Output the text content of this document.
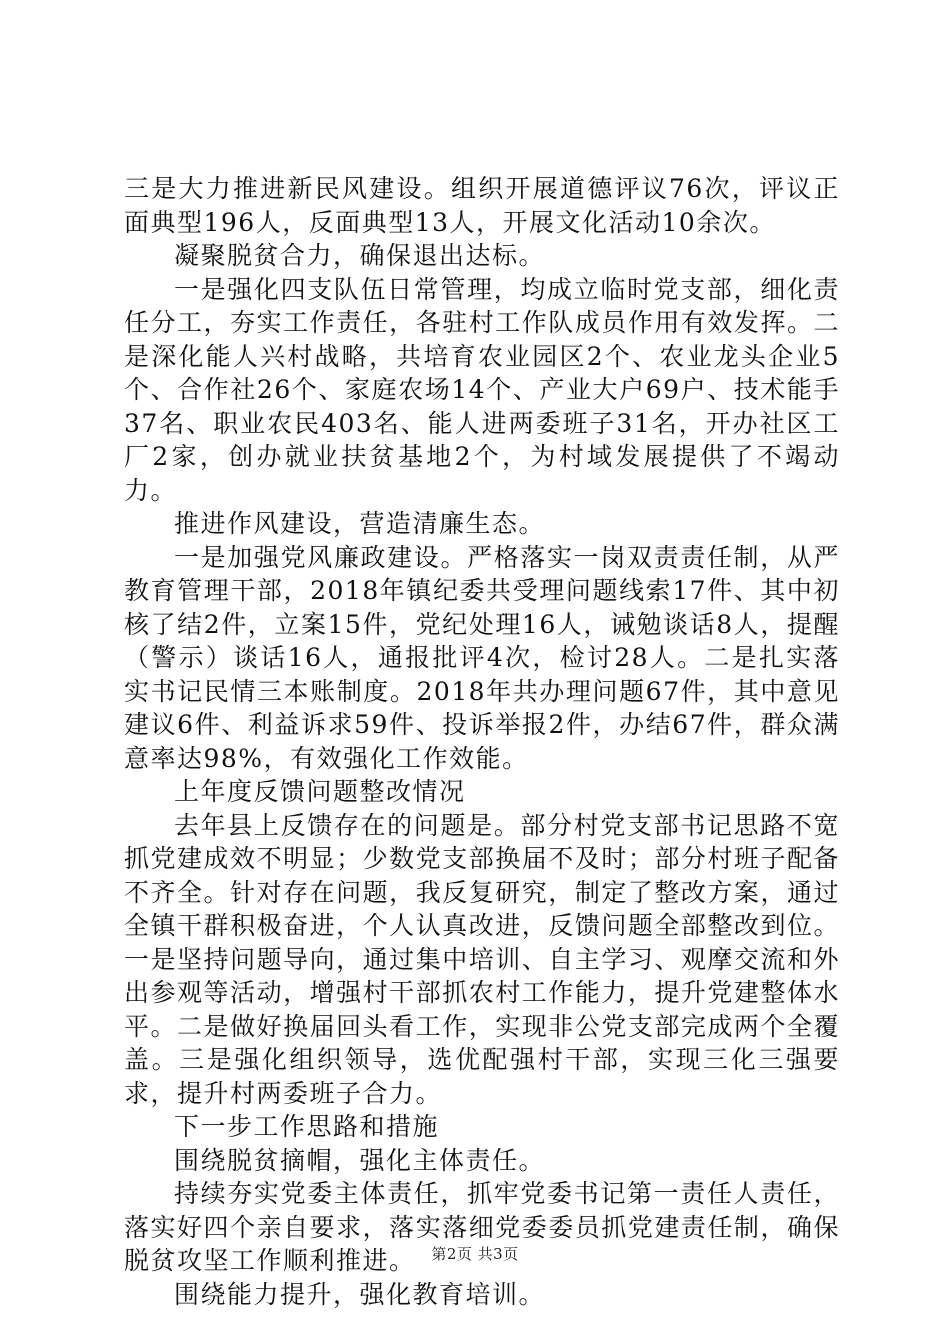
三是大力推进新民风建设。组织开展道德评议76次，评议正面典型196人，反面典型13人，开展文化活动10余次。

凝聚脱贫合力，确保退出达标。

一是强化四支队伍日常管理，均成立临时党支部，细化责任分工，夯实工作责任，各驻村工作队成员作用有效发挥。二是深化能人兴村战略，共培育农业园区2个、农业龙头企业5个、合作社26个、家庭农场14个、产业大户69户、技术能手37名、职业农民403名、能人进两委班子31名，开办社区工厂2家，创办就业扶贫基地2个，为村域发展提供了不竭动力。

推进作风建设，营造清廉生态。

一是加强党风廉政建设。严格落实一岗双责责任制，从严教育管理干部，2018年镇纪委共受理问题线索17件、其中初核了结2件，立案15件，党纪处理16人，诫勉谈话8人，提醒（警示）谈话16人，通报批评4次，检讨28人。二是扎实落实书记民情三本账制度。2018年共办理问题67件，其中意见建议6件、利益诉求59件、投诉举报2件，办结67件，群众满意率达98%，有效强化工作效能。

上年度反馈问题整改情况

去年县上反馈存在的问题是。部分村党支部书记思路不宽抓党建成效不明显；少数党支部换届不及时；部分村班子配备不齐全。针对存在问题，我反复研究，制定了整改方案，通过全镇干群积极奋进，个人认真改进，反馈问题全部整改到位。一是坚持问题导向，通过集中培训、自主学习、观摩交流和外出参观等活动，增强村干部抓农村工作能力，提升党建整体水平。二是做好换届回头看工作，实现非公党支部完成两个全覆盖。三是强化组织领导，选优配强村干部，实现三化三强要求，提升村两委班子合力。

下一步工作思路和措施

围绕脱贫摘帽，强化主体责任。

持续夯实党委主体责任，抓牢党委书记第一责任人责任，落实好四个亲自要求，落实落细党委委员抓党建责任制，确保脱贫攻坚工作顺利推进。

围绕能力提升，强化教育培训。

第2页 共3页
